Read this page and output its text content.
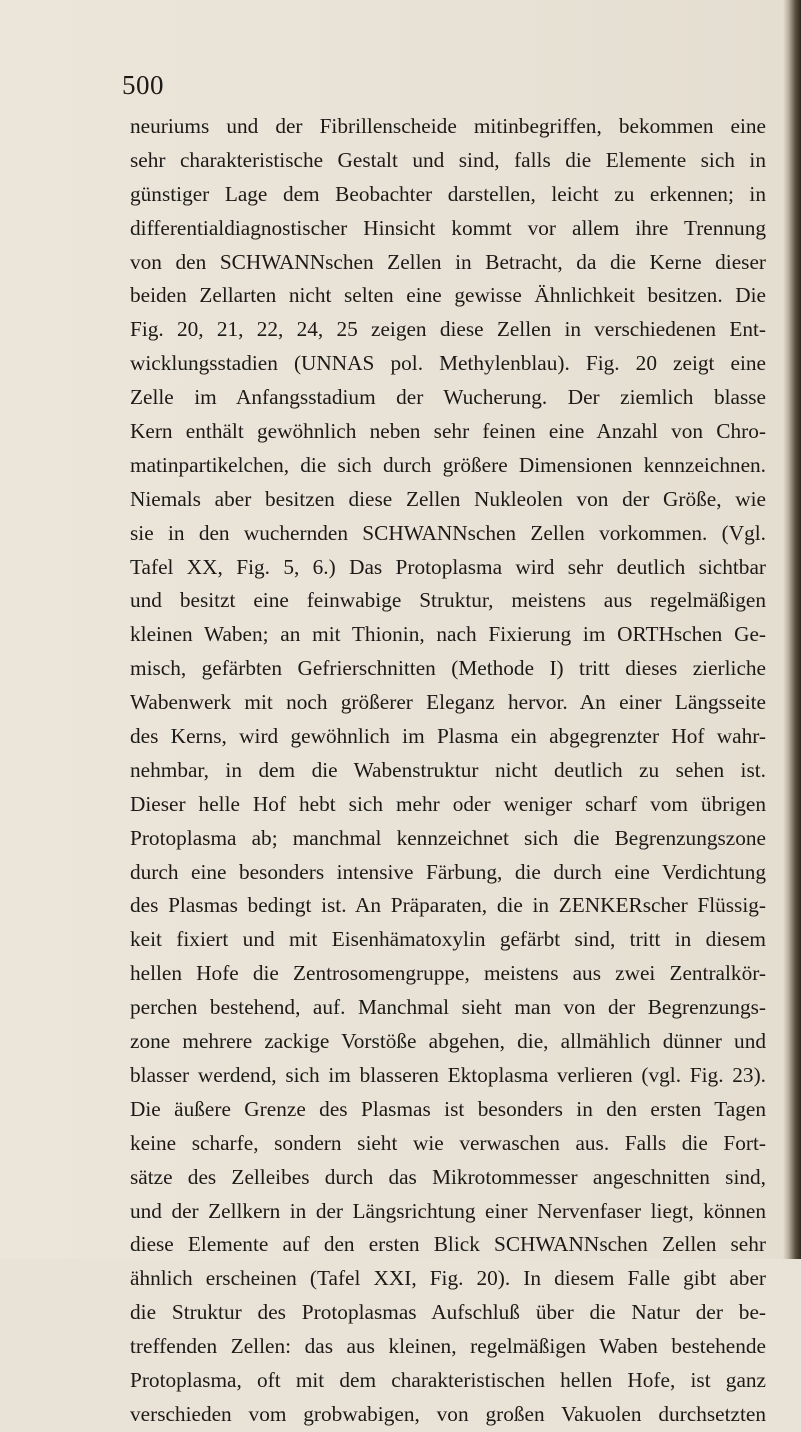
500
neuriums und der Fibrillenscheide mitinbegriffen, bekommen eine
sehr charakteristische Gestalt und sind, falls die Elemente sich in
günstiger Lage dem Beobachter darstellen, leicht zu erkennen; in
differentialdiagnostischer Hinsicht kommt vor allem ihre Trennung
von den SCHWANNschen Zellen in Betracht, da die Kerne dieser
beiden Zellarten nicht selten eine gewisse Ähnlichkeit besitzen. Die
Fig. 20, 21, 22, 24, 25 zeigen diese Zellen in verschiedenen Ent-
wicklungsstadien (UNNAS pol. Methylenblau). Fig. 20 zeigt eine
Zelle im Anfangsstadium der Wucherung. Der ziemlich blasse
Kern enthält gewöhnlich neben sehr feinen eine Anzahl von Chro-
matinpartikelchen, die sich durch größere Dimensionen kennzeichnen.
Niemals aber besitzen diese Zellen Nukleolen von der Größe, wie
sie in den wuchernden SCHWANNschen Zellen vorkommen. (Vgl.
Tafel XX, Fig. 5, 6.) Das Protoplasma wird sehr deutlich sichtbar
und besitzt eine feinwabige Struktur, meistens aus regelmäßigen
kleinen Waben; an mit Thionin, nach Fixierung im ORTHschen Ge-
misch, gefärbten Gefrierschnitten (Methode I) tritt dieses zierliche
Wabenwerk mit noch größerer Eleganz hervor. An einer Längsseite
des Kerns, wird gewöhnlich im Plasma ein abgegrenzter Hof wahr-
nehmbar, in dem die Wabenstruktur nicht deutlich zu sehen ist.
Dieser helle Hof hebt sich mehr oder weniger scharf vom übrigen
Protoplasma ab; manchmal kennzeichnet sich die Begrenzungszone
durch eine besonders intensive Färbung, die durch eine Verdichtung
des Plasmas bedingt ist. An Präparaten, die in ZENKERscher Flüssig-
keit fixiert und mit Eisenhämatoxylin gefärbt sind, tritt in diesem
hellen Hofe die Zentrosomengruppe, meistens aus zwei Zentralkör-
perchen bestehend, auf. Manchmal sieht man von der Begrenzungs-
zone mehrere zackige Vorstöße abgehen, die, allmählich dünner und
blasser werdend, sich im blasseren Ektoplasma verlieren (vgl. Fig. 23).
Die äußere Grenze des Plasmas ist besonders in den ersten Tagen
keine scharfe, sondern sieht wie verwaschen aus. Falls die Fort-
sätze des Zelleibes durch das Mikrotommesser angeschnitten sind,
und der Zellkern in der Längsrichtung einer Nervenfaser liegt, können
diese Elemente auf den ersten Blick SCHWANNschen Zellen sehr
ähnlich erscheinen (Tafel XXI, Fig. 20). In diesem Falle gibt aber
die Struktur des Protoplasmas Aufschluß über die Natur der be-
treffenden Zellen: das aus kleinen, regelmäßigen Waben bestehende
Protoplasma, oft mit dem charakteristischen hellen Hofe, ist ganz
verschieden vom grobwabigen, von großen Vakuolen durchsetzten
